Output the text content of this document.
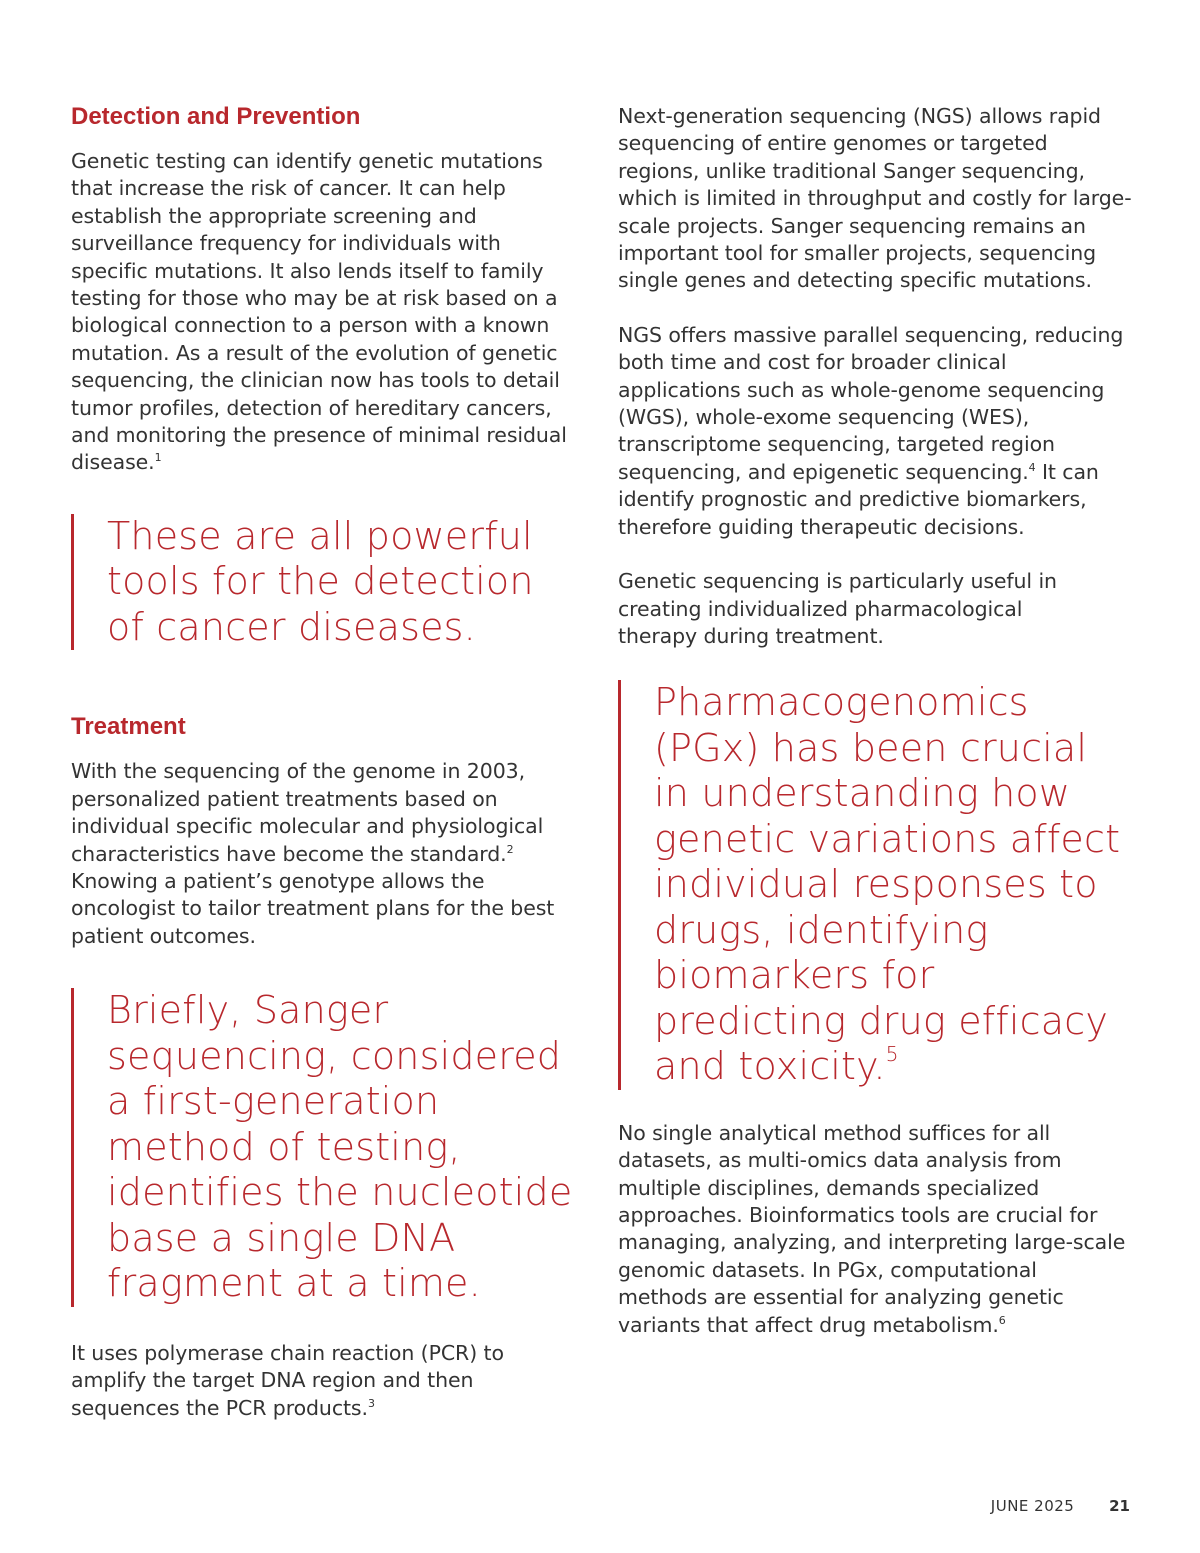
Detection and Prevention

Genetic testing can identify genetic mutations that increase the risk of cancer. It can help establish the appropriate screening and surveillance frequency for individuals with specific mutations. It also lends itself to family testing for those who may be at risk based on a biological connection to a person with a known mutation. As a result of the evolution of genetic sequencing, the clinician now has tools to detail tumor profiles, detection of hereditary cancers, and monitoring the presence of minimal residual disease.$^1$

These are all powerful tools for the detection of cancer diseases.
Treatment

With the sequencing of the genome in 2003, personalized patient treatments based on individual specific molecular and physiological characteristics have become the standard.$^2$ Knowing a patient’s genotype allows the oncologist to tailor treatment plans for the best patient outcomes.

Briefly, Sanger sequencing, considered a first-generation method of testing, identifies the nucleotide base a single DNA fragment at a time.

It uses polymerase chain reaction (PCR) to amplify the target DNA region and then sequences the PCR products.$^3$

Next-generation sequencing (NGS) allows rapid sequencing of entire genomes or targeted regions, unlike traditional Sanger sequencing, which is limited in throughput and costly for large-scale projects. Sanger sequencing remains an important tool for smaller projects, sequencing single genes and detecting specific mutations.

NGS offers massive parallel sequencing, reducing both time and cost for broader clinical applications such as whole-genome sequencing (WGS), whole-exome sequencing (WES), transcriptome sequencing, targeted region sequencing, and epigenetic sequencing.$^4$ It can identify prognostic and predictive biomarkers, therefore guiding therapeutic decisions.

Genetic sequencing is particularly useful in creating individualized pharmacological therapy during treatment.

Pharmacogenomics (PGx) has been crucial in understanding how genetic variations affect individual responses to drugs, identifying biomarkers for predicting drug efficacy and toxicity.$^5$

No single analytical method suffices for all datasets, as multi-omics data analysis from multiple disciplines, demands specialized approaches. Bioinformatics tools are crucial for managing, analyzing, and interpreting large-scale genomic datasets. In PGx, computational methods are essential for analyzing genetic variants that affect drug metabolism.$^6$

JUNE 2025 21
